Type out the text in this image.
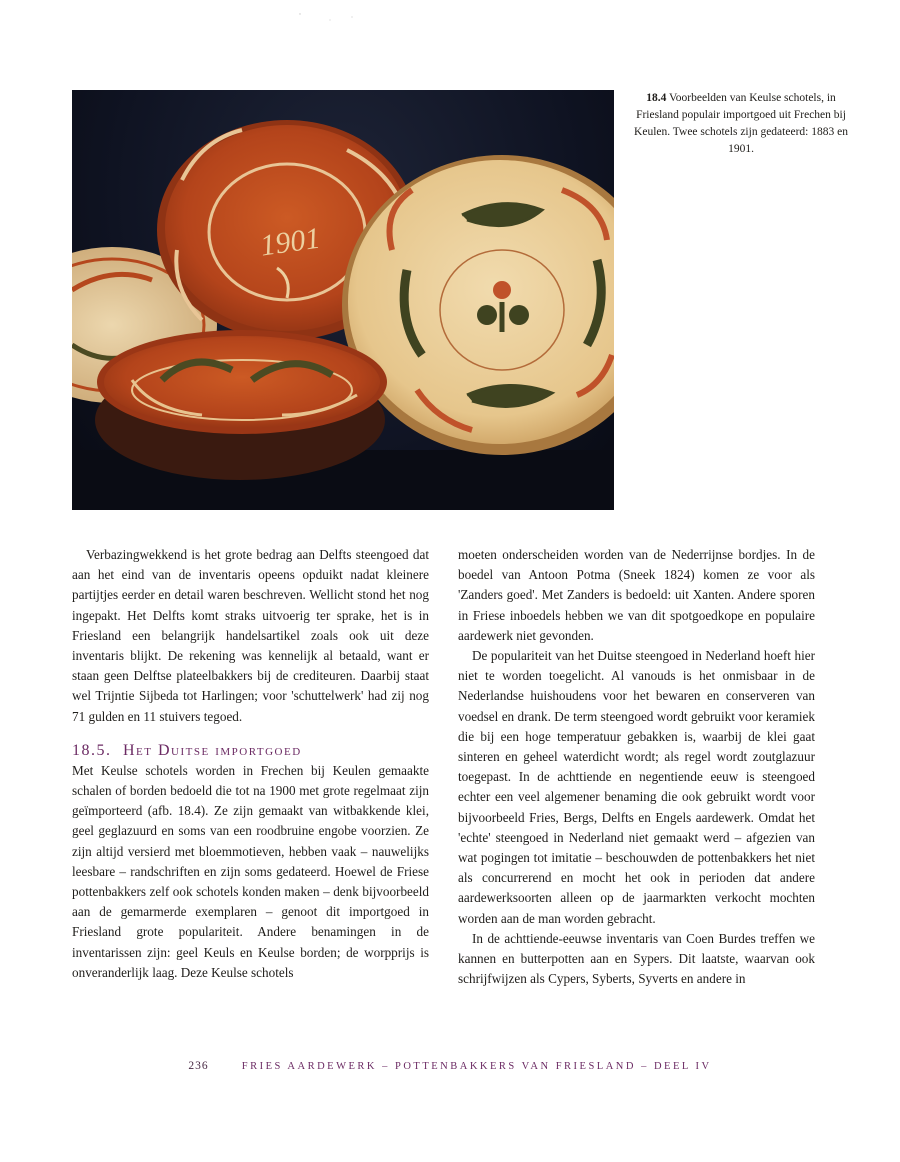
1901
18.4 Voorbeelden van Keulse schotels, in Friesland populair importgoed uit Frechen bij Keulen. Twee schotels zijn gedateerd: 1883 en 1901.

Verbazingwekkend is het grote bedrag aan Delfts steengoed dat aan het eind van de inventaris opeens opduikt nadat kleinere partijtjes eerder en detail waren beschreven. Wellicht stond het nog ingepakt. Het Delfts komt straks uitvoerig ter sprake, het is in Friesland een belangrijk handelsartikel zoals ook uit deze inventaris blijkt. De rekening was kennelijk al betaald, want er staan geen Delftse plateelbakkers bij de crediteuren. Daarbij staat wel Trijntie Sijbeda tot Harlingen; voor 'schuttelwerk' had zij nog 71 gulden en 11 stuivers tegoed.

18.5. Het Duitse importgoed

Met Keulse schotels worden in Frechen bij Keulen gemaakte schalen of borden bedoeld die tot na 1900 met grote regelmaat zijn geïmporteerd (afb. 18.4). Ze zijn gemaakt van witbakkende klei, geel geglazuurd en soms van een roodbruine engobe voorzien. Ze zijn altijd versierd met bloemmotieven, hebben vaak – nauwelijks leesbare – randschriften en zijn soms gedateerd. Hoewel de Friese pottenbakkers zelf ook schotels konden maken – denk bijvoorbeeld aan de gemarmerde exemplaren – genoot dit importgoed in Friesland grote populariteit. Andere benamingen in de inventarissen zijn: geel Keuls en Keulse borden; de worpprijs is onveranderlijk laag. Deze Keulse schotels

moeten onderscheiden worden van de Nederrijnse bordjes. In de boedel van Antoon Potma (Sneek 1824) komen ze voor als 'Zanders goed'. Met Zanders is bedoeld: uit Xanten. Andere sporen in Friese inboedels hebben we van dit spotgoedkope en populaire aardewerk niet gevonden.

De populariteit van het Duitse steengoed in Nederland hoeft hier niet te worden toegelicht. Al vanouds is het onmisbaar in de Nederlandse huishoudens voor het bewaren en conserveren van voedsel en drank. De term steengoed wordt gebruikt voor keramiek die bij een hoge temperatuur gebakken is, waarbij de klei gaat sinteren en geheel waterdicht wordt; als regel wordt zoutglazuur toegepast. In de achttiende en negentiende eeuw is steengoed echter een veel algemener benaming die ook gebruikt wordt voor bijvoorbeeld Fries, Bergs, Delfts en Engels aardewerk. Omdat het 'echte' steengoed in Nederland niet gemaakt werd – afgezien van wat pogingen tot imitatie – beschouwden de pottenbakkers het niet als concurrerend en mocht het ook in perioden dat andere aardewerksoorten alleen op de jaarmarkten verkocht mochten worden aan de man worden gebracht.

In de achttiende-eeuwse inventaris van Coen Burdes treffen we kannen en butterpotten aan en Sypers. Dit laatste, waarvan ook schrijfwijzen als Cypers, Syberts, Syverts en andere in

236	FRIES AARDEWERK – POTTENBAKKERS VAN FRIESLAND – DEEL IV
